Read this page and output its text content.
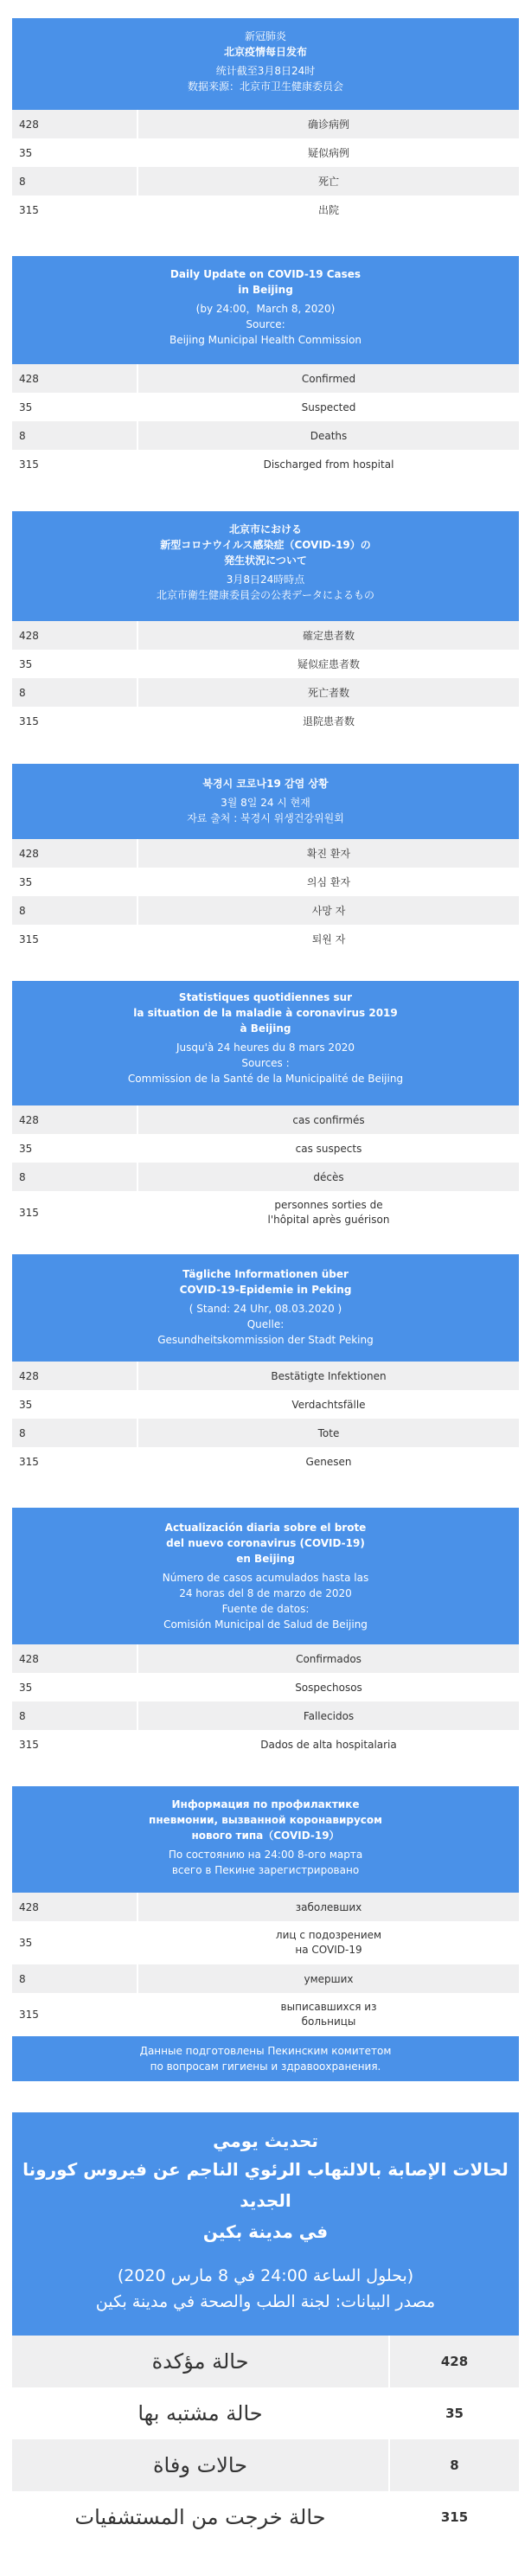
新冠肺炎
北京疫情每日发布
统计截至3月8日24时
数据来源：北京市卫生健康委员会
428	确诊病例
35	疑似病例
8	死亡
315	出院
Daily Update on COVID-19 Cases
in Beijing
(by 24:00，March 8, 2020)
Source:
Beijing Municipal Health Commission
428	Confirmed
35	Suspected
8	Deaths
315	Discharged from hospital
北京市における
新型コロナウイルス感染症（COVID-19）の
発生状況について
3月8日24時時点
北京市衛生健康委員会の公表データによるもの
428	確定患者数
35	疑似症患者数
8	死亡者数
315	退院患者数
북경시 코로나19 감염 상황
3월 8일 24 시 현재
자료 출처 : 북경시 위생건강위원회
428	확진 환자
35	의심 환자
8	사망 자
315	퇴원 자
Statistiques quotidiennes sur
la situation de la maladie à coronavirus 2019
à Beijing
Jusqu'à 24 heures du 8 mars 2020
Sources :
Commission de la Santé de la Municipalité de Beijing
428	cas confirmés
35	cas suspects
8	décès
315	personnes sorties de
l'hôpital après guérison
Tägliche Informationen über
COVID-19-Epidemie in Peking
( Stand: 24 Uhr, 08.03.2020 )
Quelle:
Gesundheitskommission der Stadt Peking
428	Bestätigte Infektionen
35	Verdachtsfälle
8	Tote
315	Genesen
Actualización diaria sobre el brote
del nuevo coronavirus (COVID-19)
en Beijing
Número de casos acumulados hasta las
24 horas del 8 de marzo de 2020
Fuente de datos:
Comisión Municipal de Salud de Beijing
428	Confirmados
35	Sospechosos
8	Fallecidos
315	Dados de alta hospitalaria
Информация по профилактике
пневмонии, вызванной коронавирусом
нового типа（COVID-19）
По состоянию на 24:00 8-ого марта
всего в Пекине зарегистрировано
428	заболевших
35	лиц с подозрением
на COVID-19

8	умерших
315	выписавшихся из
больницы
Данные подготовлены Пекинским комитетом
по вопросам гигиены и здравоохранения.
تحديث يومي
لحالات الإصابة بالالتهاب الرئوي الناجم عن فيروس كورونا الجديد
في مدينة بكين
(بحلول الساعة 24:00 في 8 مارس 2020)
مصدر البيانات: لجنة الطب والصحة في مدينة بكين
حالة مؤكدة	428
حالة مشتبه بها	35
حالات وفاة	8
حالة خرجت من المستشفيات	315
